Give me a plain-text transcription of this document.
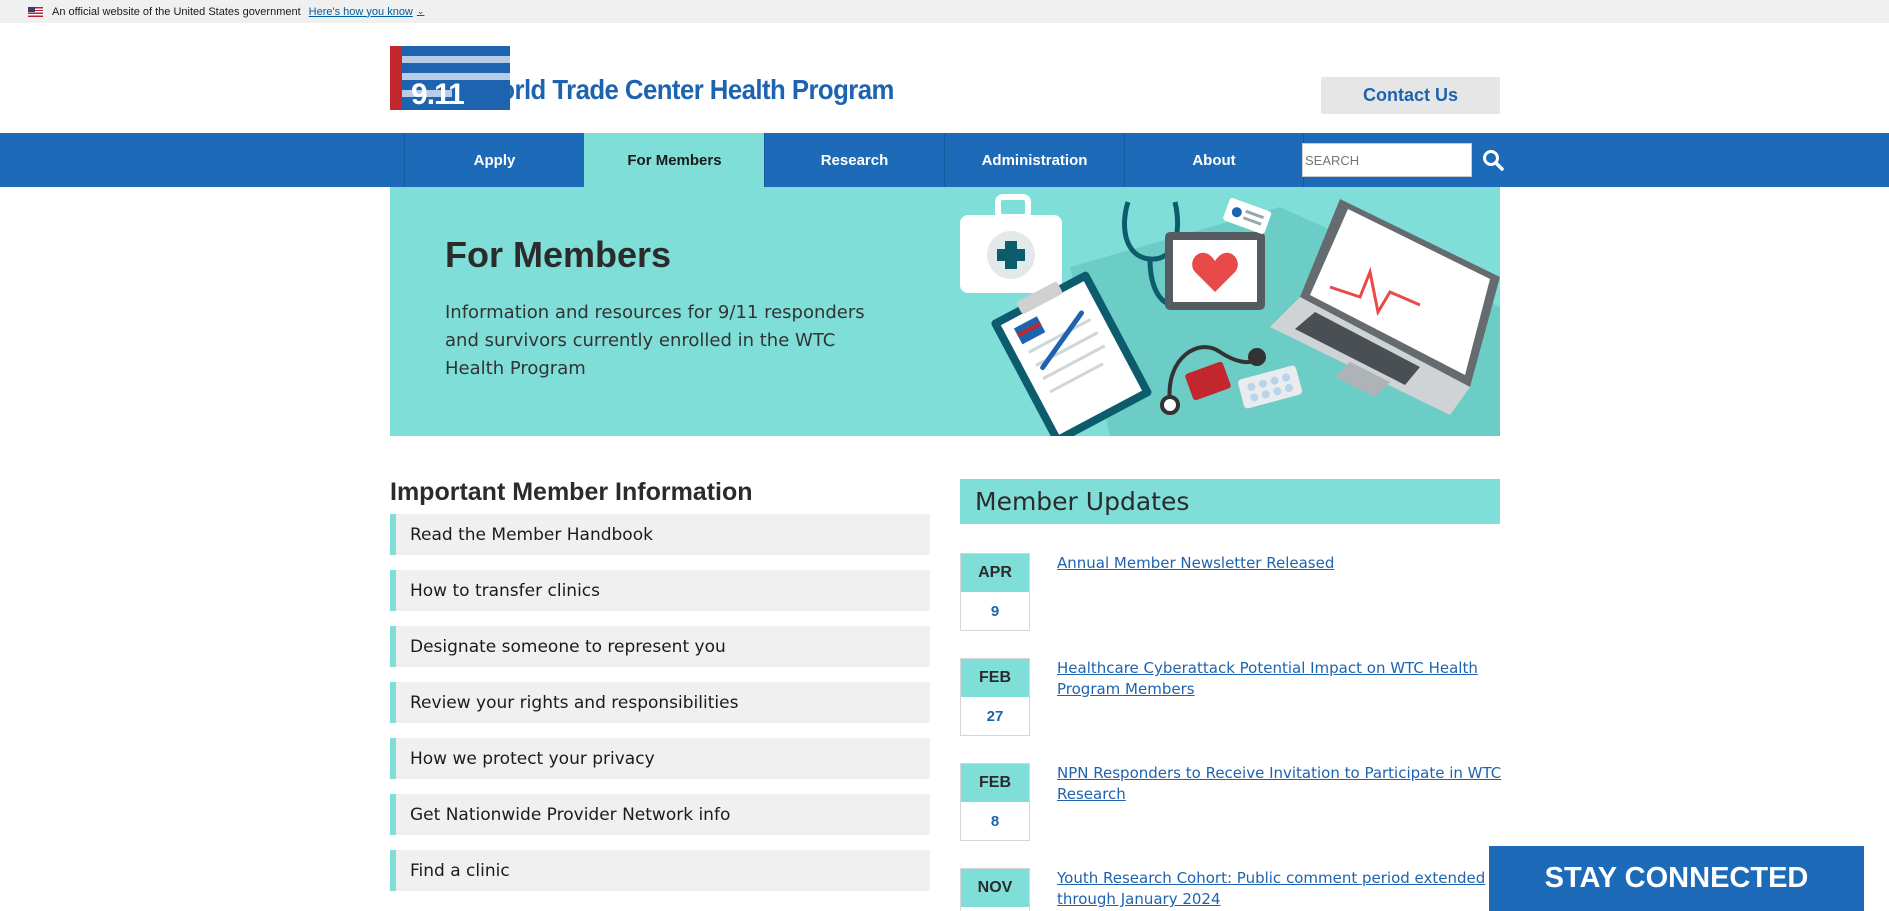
An official website of the United States government Here's how you know ⌄
9.11 World Trade Center Health Program	Contact Us
Apply	For Members	Research	Administration	About
SEARCH
For Members

Information and resources for 9/11 responders and survivors currently enrolled in the WTC Health Program

Important Member Information
Read the Member Handbook
How to transfer clinics
Designate someone to represent you
Review your rights and responsibilities
How we protect your privacy
Get Nationwide Provider Network info
Find a clinic
Member Updates
APR
9
Annual Member Newsletter Released
FEB
27
Healthcare Cyberattack Potential Impact on WTC Health Program Members
FEB
8
NPN Responders to Receive Invitation to Participate in WTC Research
NOV
Youth Research Cohort: Public comment period extended through January 2024
STAY CONNECTED
